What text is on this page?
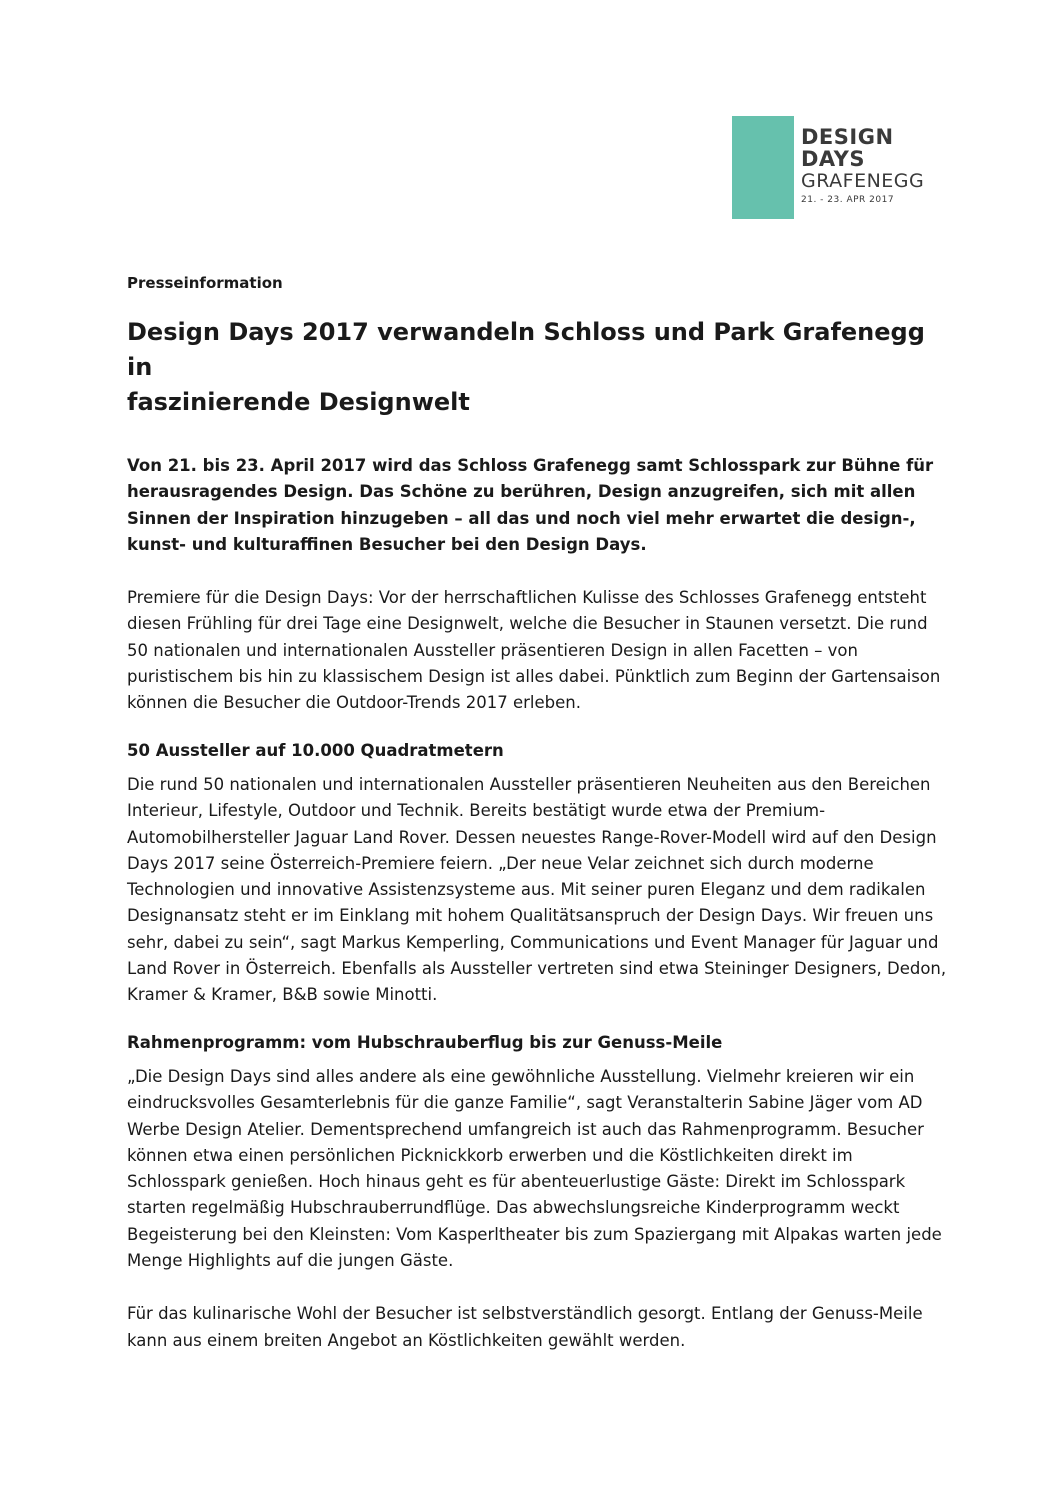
DESIGN
DAYS
GRAFENEGG
21. - 23. APR 2017

Presseinformation

Design Days 2017 verwandeln Schloss und Park Grafenegg in
faszinierende Designwelt

Von 21. bis 23. April 2017 wird das Schloss Grafenegg samt Schlosspark zur Bühne für herausragendes Design. Das Schöne zu berühren, Design anzugreifen, sich mit allen Sinnen der Inspiration hinzugeben – all das und noch viel mehr erwartet die design-, kunst- und kulturaffinen Besucher bei den Design Days.

Premiere für die Design Days: Vor der herrschaftlichen Kulisse des Schlosses Grafenegg entsteht diesen Frühling für drei Tage eine Designwelt, welche die Besucher in Staunen versetzt. Die rund 50 nationalen und internationalen Aussteller präsentieren Design in allen Facetten – von puristischem bis hin zu klassischem Design ist alles dabei. Pünktlich zum Beginn der Gartensaison können die Besucher die Outdoor-Trends 2017 erleben.

50 Aussteller auf 10.000 Quadratmetern

Die rund 50 nationalen und internationalen Aussteller präsentieren Neuheiten aus den Bereichen Interieur, Lifestyle, Outdoor und Technik. Bereits bestätigt wurde etwa der Premium-Automobilhersteller Jaguar Land Rover. Dessen neuestes Range-Rover-Modell wird auf den Design Days 2017 seine Österreich-Premiere feiern. „Der neue Velar zeichnet sich durch moderne Technologien und innovative Assistenzsysteme aus. Mit seiner puren Eleganz und dem radikalen Designansatz steht er im Einklang mit hohem Qualitätsanspruch der Design Days. Wir freuen uns sehr, dabei zu sein“, sagt Markus Kemperling, Communications und Event Manager für Jaguar und Land Rover in Österreich. Ebenfalls als Aussteller vertreten sind etwa Steininger Designers, Dedon, Kramer & Kramer, B&B sowie Minotti.

Rahmenprogramm: vom Hubschrauberflug bis zur Genuss-Meile

„Die Design Days sind alles andere als eine gewöhnliche Ausstellung. Vielmehr kreieren wir ein eindrucksvolles Gesamterlebnis für die ganze Familie“, sagt Veranstalterin Sabine Jäger vom AD Werbe Design Atelier. Dementsprechend umfangreich ist auch das Rahmenprogramm. Besucher können etwa einen persönlichen Picknickkorb erwerben und die Köstlichkeiten direkt im Schlosspark genießen. Hoch hinaus geht es für abenteuerlustige Gäste: Direkt im Schlosspark starten regelmäßig Hubschrauberrundflüge. Das abwechslungsreiche Kinderprogramm weckt Begeisterung bei den Kleinsten: Vom Kasperltheater bis zum Spaziergang mit Alpakas warten jede Menge Highlights auf die jungen Gäste.

Für das kulinarische Wohl der Besucher ist selbstverständlich gesorgt. Entlang der Genuss-Meile kann aus einem breiten Angebot an Köstlichkeiten gewählt werden.
